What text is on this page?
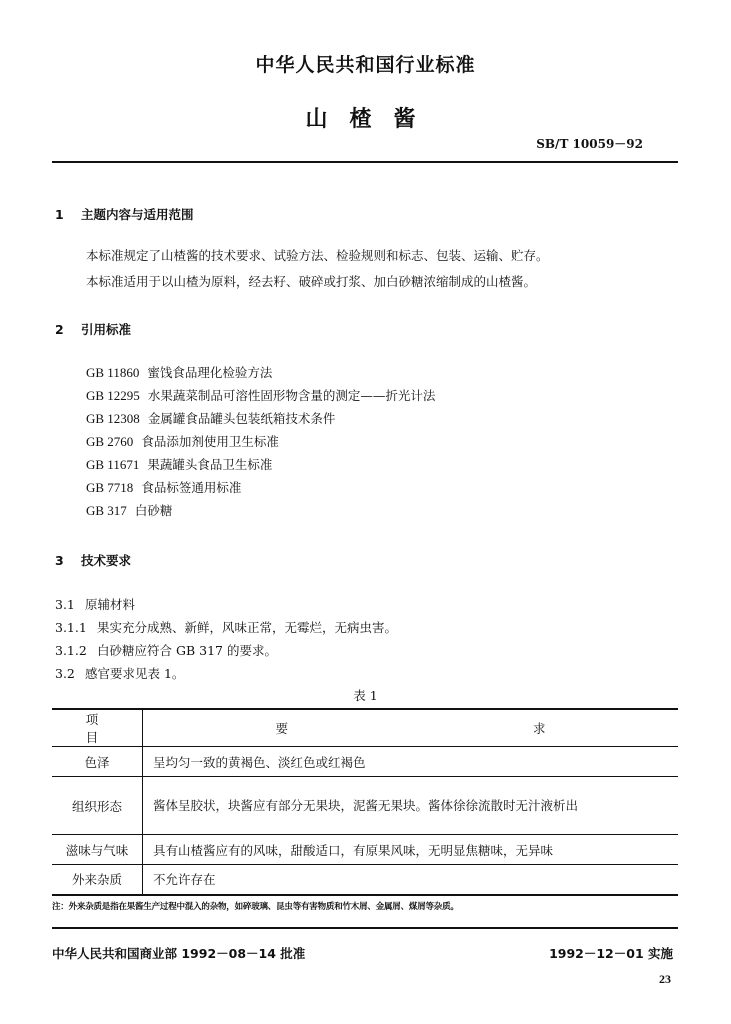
中华人民共和国行业标准
山楂酱
SB/T 10059－92
1 主题内容与适用范围
本标准规定了山楂酱的技术要求、试验方法、检验规则和标志、包装、运输、贮存。
本标准适用于以山楂为原料，经去籽、破碎或打浆、加白砂糖浓缩制成的山楂酱。
2 引用标准
GB 11860 蜜饯食品理化检验方法
GB 12295 水果蔬菜制品可溶性固形物含量的测定——折光计法
GB 12308 金属罐食品罐头包装纸箱技术条件
GB 2760 食品添加剂使用卫生标准
GB 11671 果蔬罐头食品卫生标准
GB 7718 食品标签通用标准
GB 317 白砂糖
3 技术要求
3.1 原辅材料
3.1.1 果实充分成熟、新鲜，风味正常，无霉烂，无病虫害。
3.1.2 白砂糖应符合 GB 317 的要求。
3.2 感官要求见表 1。
表 1
项目	要 求

色泽	呈均匀一致的黄褐色、淡红色或红褐色
组织形态	酱体呈胶状，块酱应有部分无果块，泥酱无果块。酱体徐徐流散时无汁液析出
滋味与气味	具有山楂酱应有的风味，甜酸适口，有原果风味，无明显焦糖味，无异味
外来杂质	不允许存在
注：外来杂质是指在果酱生产过程中混入的杂物，如碎玻璃、昆虫等有害物质和竹木屑、金属屑、煤屑等杂质。
中华人民共和国商业部 1992－08－14 批准	1992－12－01 实施
23
